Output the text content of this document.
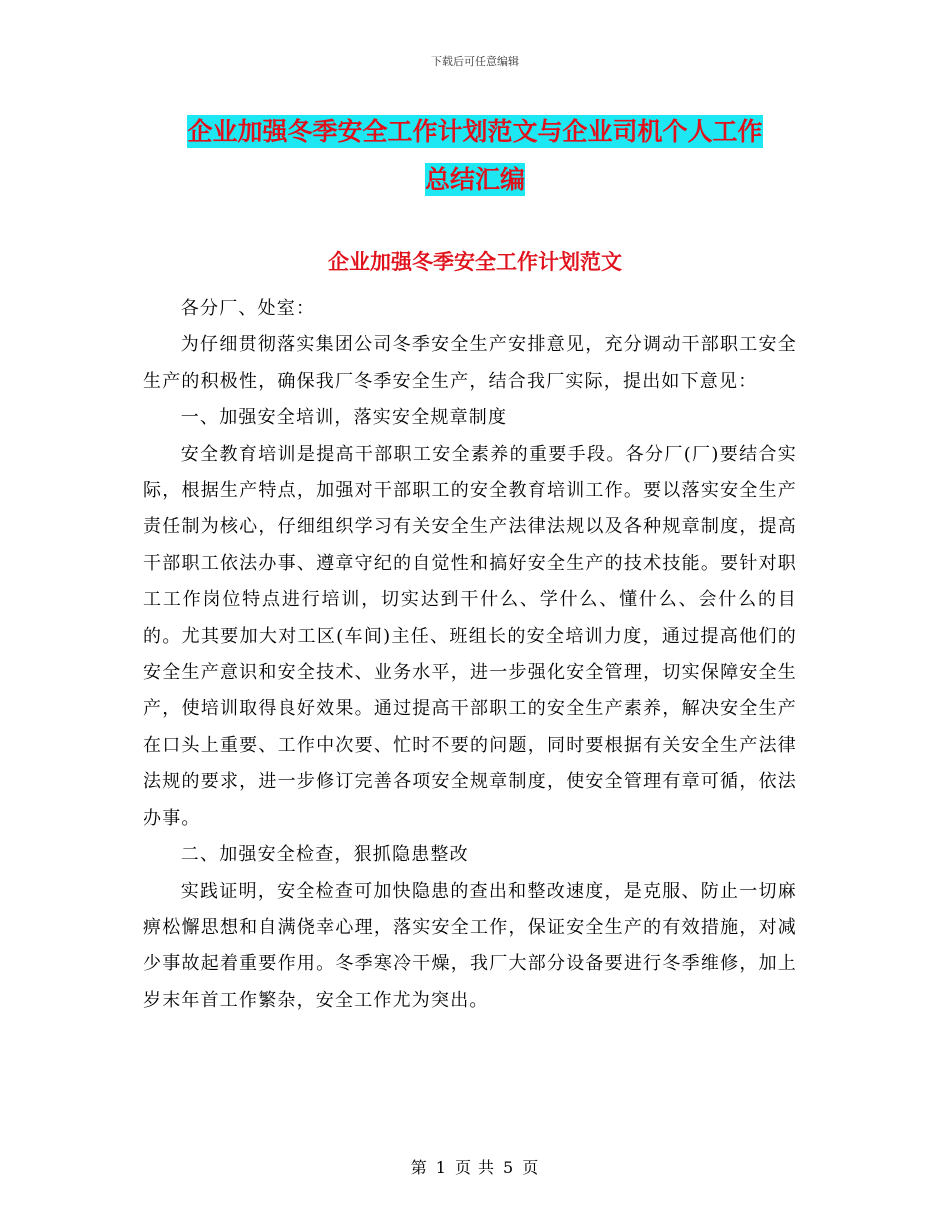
下载后可任意编辑
企业加强冬季安全工作计划范文与企业司机个人工作
总结汇编
企业加强冬季安全工作计划范文

各分厂、处室：

为仔细贯彻落实集团公司冬季安全生产安排意见，充分调动干部职工安全生产的积极性，确保我厂冬季安全生产，结合我厂实际，提出如下意见：

一、加强安全培训，落实安全规章制度

安全教育培训是提高干部职工安全素养的重要手段。各分厂(厂)要结合实际，根据生产特点，加强对干部职工的安全教育培训工作。要以落实安全生产责任制为核心，仔细组织学习有关安全生产法律法规以及各种规章制度，提高干部职工依法办事、遵章守纪的自觉性和搞好安全生产的技术技能。要针对职工工作岗位特点进行培训，切实达到干什么、学什么、懂什么、会什么的目的。尤其要加大对工区(车间)主任、班组长的安全培训力度，通过提高他们的安全生产意识和安全技术、业务水平，进一步强化安全管理，切实保障安全生产，使培训取得良好效果。通过提高干部职工的安全生产素养，解决安全生产在口头上重要、工作中次要、忙时不要的问题，同时要根据有关安全生产法律法规的要求，进一步修订完善各项安全规章制度，使安全管理有章可循，依法办事。

二、加强安全检查，狠抓隐患整改

实践证明，安全检查可加快隐患的查出和整改速度，是克服、防止一切麻痹松懈思想和自满侥幸心理，落实安全工作，保证安全生产的有效措施，对减少事故起着重要作用。冬季寒冷干燥，我厂大部分设备要进行冬季维修，加上岁末年首工作繁杂，安全工作尤为突出。

第 1 页 共 5 页
